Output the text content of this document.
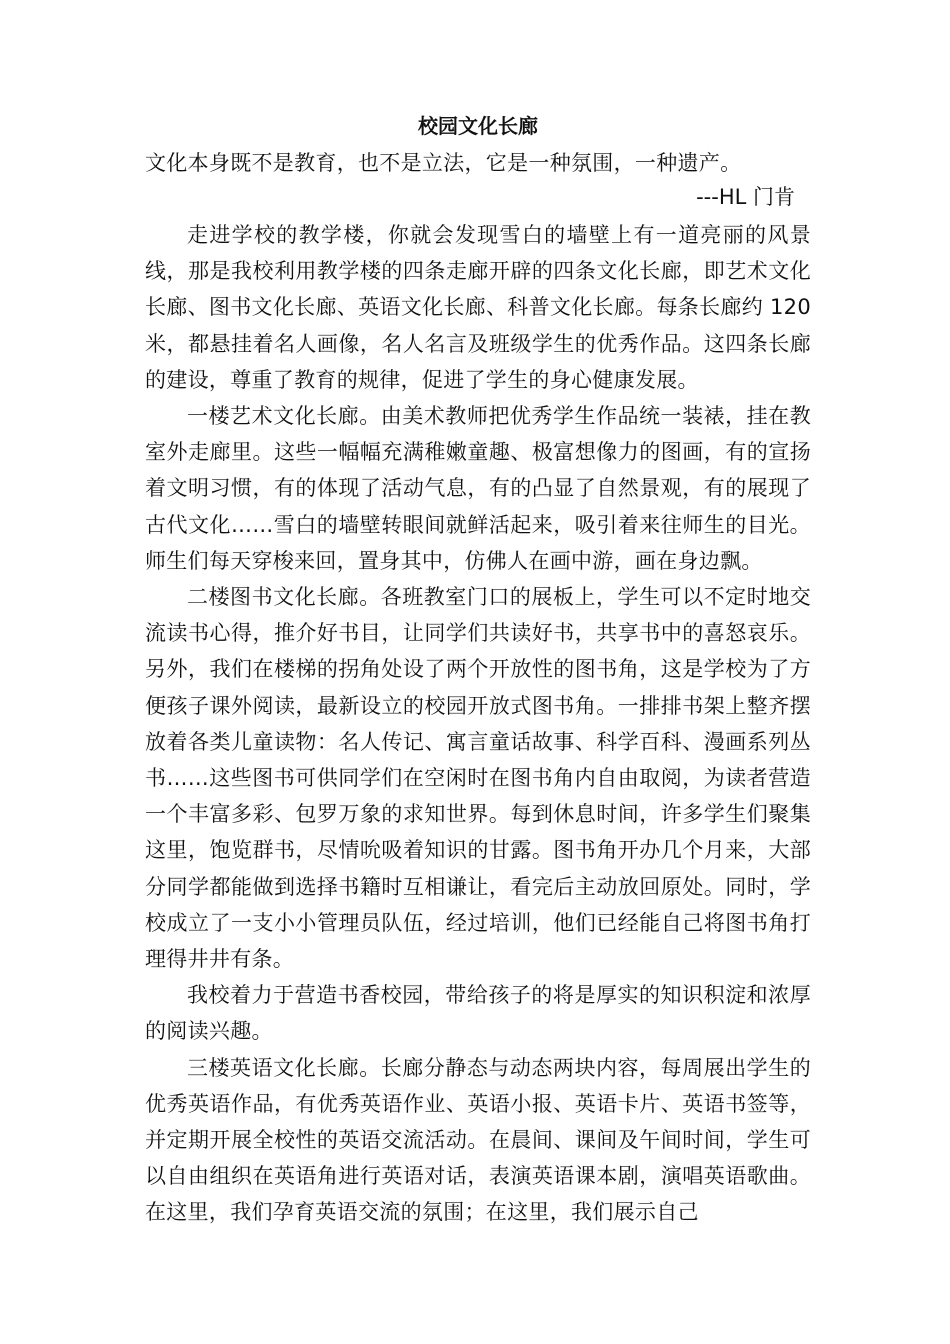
校园文化长廊

文化本身既不是教育，也不是立法，它是一种氛围，一种遗产。

---HL 门肯

走进学校的教学楼，你就会发现雪白的墙壁上有一道亮丽的风景线，那是我校利用教学楼的四条走廊开辟的四条文化长廊，即艺术文化长廊、图书文化长廊、英语文化长廊、科普文化长廊。每条长廊约 120 米，都悬挂着名人画像，名人名言及班级学生的优秀作品。这四条长廊的建设，尊重了教育的规律，促进了学生的身心健康发展。

一楼艺术文化长廊。由美术教师把优秀学生作品统一装裱，挂在教室外走廊里。这些一幅幅充满稚嫩童趣、极富想像力的图画，有的宣扬着文明习惯，有的体现了活动气息，有的凸显了自然景观，有的展现了古代文化……雪白的墙壁转眼间就鲜活起来，吸引着来往师生的目光。师生们每天穿梭来回，置身其中，仿佛人在画中游，画在身边飘。

二楼图书文化长廊。各班教室门口的展板上，学生可以不定时地交流读书心得，推介好书目，让同学们共读好书，共享书中的喜怒哀乐。另外，我们在楼梯的拐角处设了两个开放性的图书角，这是学校为了方便孩子课外阅读，最新设立的校园开放式图书角。一排排书架上整齐摆放着各类儿童读物：名人传记、寓言童话故事、科学百科、漫画系列丛书……这些图书可供同学们在空闲时在图书角内自由取阅，为读者营造一个丰富多彩、包罗万象的求知世界。每到休息时间，许多学生们聚集这里，饱览群书，尽情吮吸着知识的甘露。图书角开办几个月来，大部分同学都能做到选择书籍时互相谦让，看完后主动放回原处。同时，学校成立了一支小小管理员队伍，经过培训，他们已经能自己将图书角打理得井井有条。

我校着力于营造书香校园，带给孩子的将是厚实的知识积淀和浓厚的阅读兴趣。

三楼英语文化长廊。长廊分静态与动态两块内容，每周展出学生的优秀英语作品，有优秀英语作业、英语小报、英语卡片、英语书签等，并定期开展全校性的英语交流活动。在晨间、课间及午间时间，学生可以自由组织在英语角进行英语对话，表演英语课本剧，演唱英语歌曲。在这里，我们孕育英语交流的氛围；在这里，我们展示自己
